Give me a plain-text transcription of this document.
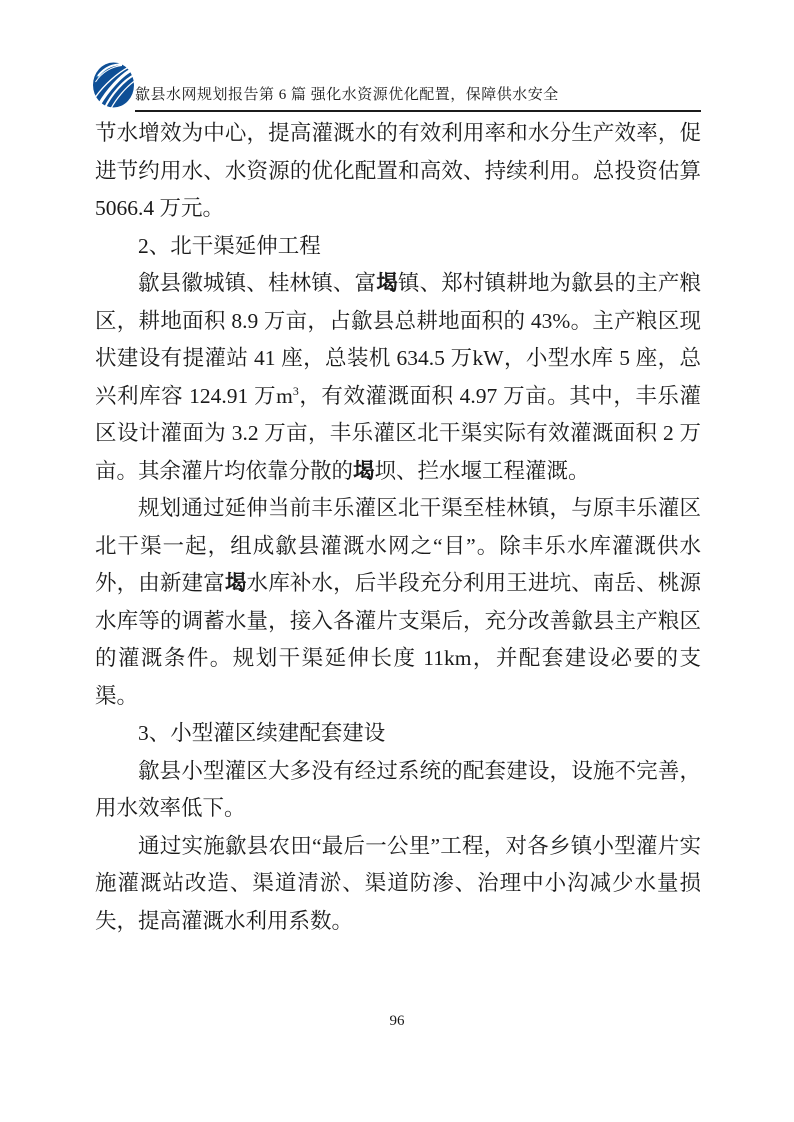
歙县水网规划报告第 6 篇 强化水资源优化配置，保障供水安全

节水增效为中心，提高灌溉水的有效利用率和水分生产效率，促进节约用水、水资源的优化配置和高效、持续利用。总投资估算 5066.4 万元。

2、北干渠延伸工程

歙县徽城镇、桂林镇、富堨镇、郑村镇耕地为歙县的主产粮区，耕地面积 8.9 万亩，占歙县总耕地面积的 43%。主产粮区现状建设有提灌站 41 座，总装机 634.5 万kW，小型水库 5 座，总兴利库容 124.91 万$m^3$，有效灌溉面积 4.97 万亩。其中，丰乐灌区设计灌面为 3.2 万亩，丰乐灌区北干渠实际有效灌溉面积 2 万亩。其余灌片均依靠分散的堨坝、拦水堰工程灌溉。

规划通过延伸当前丰乐灌区北干渠至桂林镇，与原丰乐灌区北干渠一起，组成歙县灌溉水网之“目”。除丰乐水库灌溉供水外，由新建富堨水库补水，后半段充分利用王进坑、南岳、桃源水库等的调蓄水量，接入各灌片支渠后，充分改善歙县主产粮区的灌溉条件。规划干渠延伸长度 11km，并配套建设必要的支渠。

3、小型灌区续建配套建设

歙县小型灌区大多没有经过系统的配套建设，设施不完善，用水效率低下。

通过实施歙县农田“最后一公里”工程，对各乡镇小型灌片实施灌溉站改造、渠道清淤、渠道防渗、治理中小沟减少水量损失，提高灌溉水利用系数。

96
